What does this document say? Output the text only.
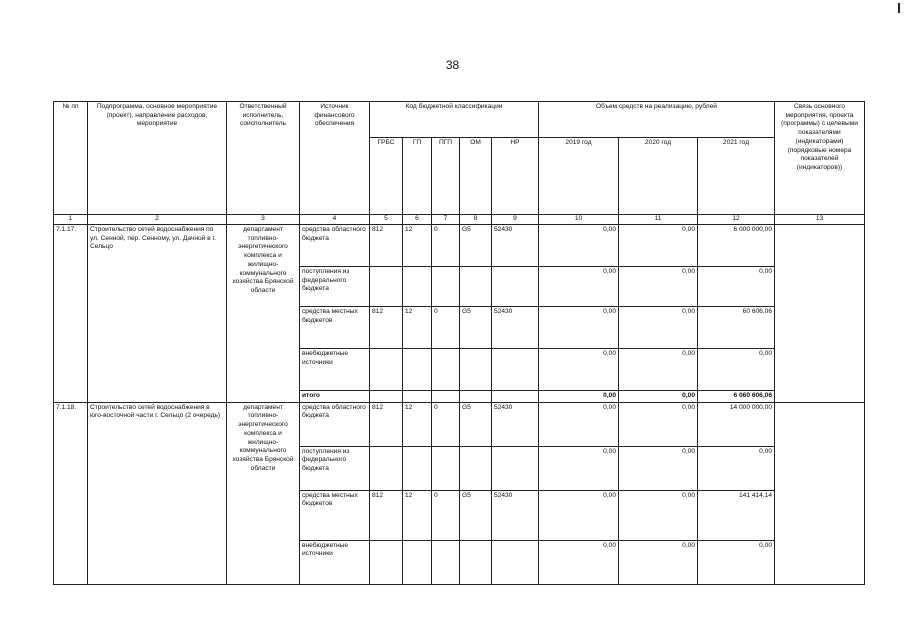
38
№ пп	Подпрограмма, основное мероприятие (проект), направление расходов, мероприятие	Ответственный исполнитель, соисполнитель	Источник финансового обеспечения	Код бюджетной классификации					Объем средств на реализацию, рублей			Связь основного мероприятия, проекта (программы) с целевыми показателями (индикаторами) (порядковые номера показателей (индикаторов))
				ГРБС	ГП	ПГП	ОМ	НР	2019 год	2020 год	2021 год	
1	2	3	4	5	6	7	8	9	10	11	12	13
7.1.17.	Строительство сетей водоснабжения по ул. Сенной, пер. Сенному, ул. Дачной в г. Сельцо	департамент топливно-энергетического комплекса и жилищно-коммунального хозяйства Брянской области	средства областного бюджета	812	12	0	G5	52430	0,00	0,00	6 000 000,00	
			поступления из федерального бюджета						0,00	0,00	0,00	
			средства местных бюджетов	812	12	0	G5	52430	0,00	0,00	60 606,06	
			внебюджетные источники						0,00	0,00	0,00	
			итого						0,00	0,00	6 060 606,06	
7.1.18.	Строительство сетей водоснабжения в юго-восточной части г. Сельцо (2 очередь)	департамент топливно-энергетического комплекса и жилищно-коммунального хозяйства Брянской области	средства областного бюджета	812	12	0	G5	52430	0,00	0,00	14 000 000,00	
			поступления из федерального бюджета						0,00	0,00	0,00	
			средства местных бюджетов	812	12	0	G5	52430	0,00	0,00	141 414,14	
			внебюджетные источники						0,00	0,00	0,00	
